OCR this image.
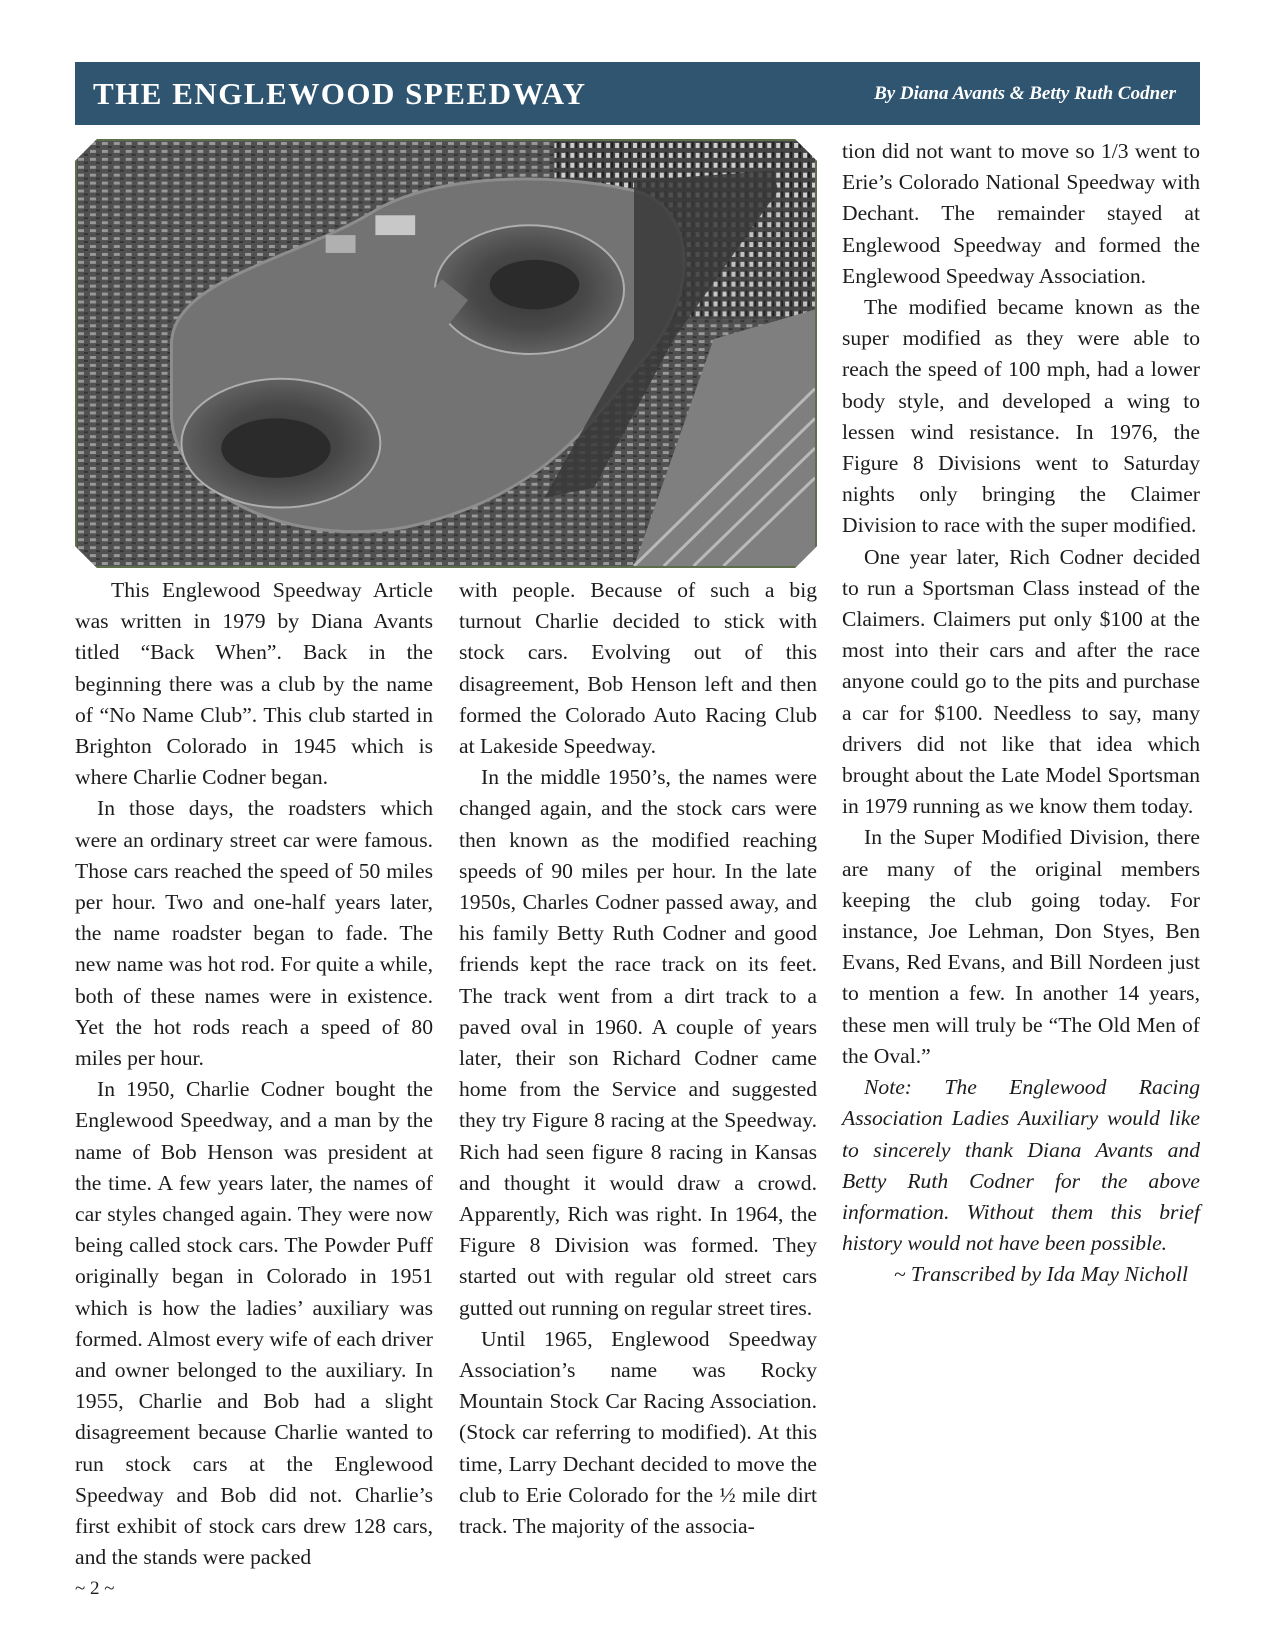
THE ENGLEWOOD SPEEDWAY	By Diana Avants & Betty Ruth Codner

This Englewood Speedway Article was written in 1979 by Diana Avants titled “Back When”. Back in the beginning there was a club by the name of “No Name Club”. This club started in Brighton Colorado in 1945 which is where Charlie Codner began.

In those days, the roadsters which were an ordinary street car were famous. Those cars reached the speed of 50 miles per hour. Two and one-half years later, the name roadster began to fade. The new name was hot rod. For quite a while, both of these names were in existence. Yet the hot rods reach a speed of 80 miles per hour.

In 1950, Charlie Codner bought the Englewood Speedway, and a man by the name of Bob Henson was president at the time. A few years later, the names of car styles changed again. They were now being called stock cars. The Powder Puff originally began in Colorado in 1951 which is how the ladies’ auxiliary was formed. Almost every wife of each driver and owner belonged to the auxiliary. In 1955, Charlie and Bob had a slight disagreement because Charlie wanted to run stock cars at the Englewood Speedway and Bob did not. Charlie’s first exhibit of stock cars drew 128 cars, and the stands were packed

with people. Because of such a big turnout Charlie decided to stick with stock cars. Evolving out of this disagreement, Bob Henson left and then formed the Colorado Auto Racing Club at Lakeside Speedway.

In the middle 1950’s, the names were changed again, and the stock cars were then known as the modified reaching speeds of 90 miles per hour. In the late 1950s, Charles Codner passed away, and his family Betty Ruth Codner and good friends kept the race track on its feet. The track went from a dirt track to a paved oval in 1960. A couple of years later, their son Richard Codner came home from the Service and suggested they try Figure 8 racing at the Speedway. Rich had seen figure 8 racing in Kansas and thought it would draw a crowd. Apparently, Rich was right. In 1964, the Figure 8 Division was formed. They started out with regular old street cars gutted out running on regular street tires.

Until 1965, Englewood Speedway Association’s name was Rocky Mountain Stock Car Racing Association. (Stock car referring to modified). At this time, Larry Dechant decided to move the club to Erie Colorado for the ½ mile dirt track. The majority of the associa-

tion did not want to move so 1/3 went to Erie’s Colorado National Speedway with Dechant. The remainder stayed at Englewood Speedway and formed the Englewood Speedway Association.

The modified became known as the super modified as they were able to reach the speed of 100 mph, had a lower body style, and developed a wing to lessen wind resistance. In 1976, the Figure 8 Divisions went to Saturday nights only bringing the Claimer Division to race with the super modified.

One year later, Rich Codner decided to run a Sportsman Class instead of the Claimers. Claimers put only $100 at the most into their cars and after the race anyone could go to the pits and purchase a car for $100. Needless to say, many drivers did not like that idea which brought about the Late Model Sportsman in 1979 running as we know them today.

In the Super Modified Division, there are many of the original members keeping the club going today. For instance, Joe Lehman, Don Styes, Ben Evans, Red Evans, and Bill Nordeen just to mention a few. In another 14 years, these men will truly be “The Old Men of the Oval.”

Note: The Englewood Racing Association Ladies Auxiliary would like to sincerely thank Diana Avants and Betty Ruth Codner for the above information. Without them this brief history would not have been possible.

~ Transcribed by Ida May Nicholl

~ 2 ~
